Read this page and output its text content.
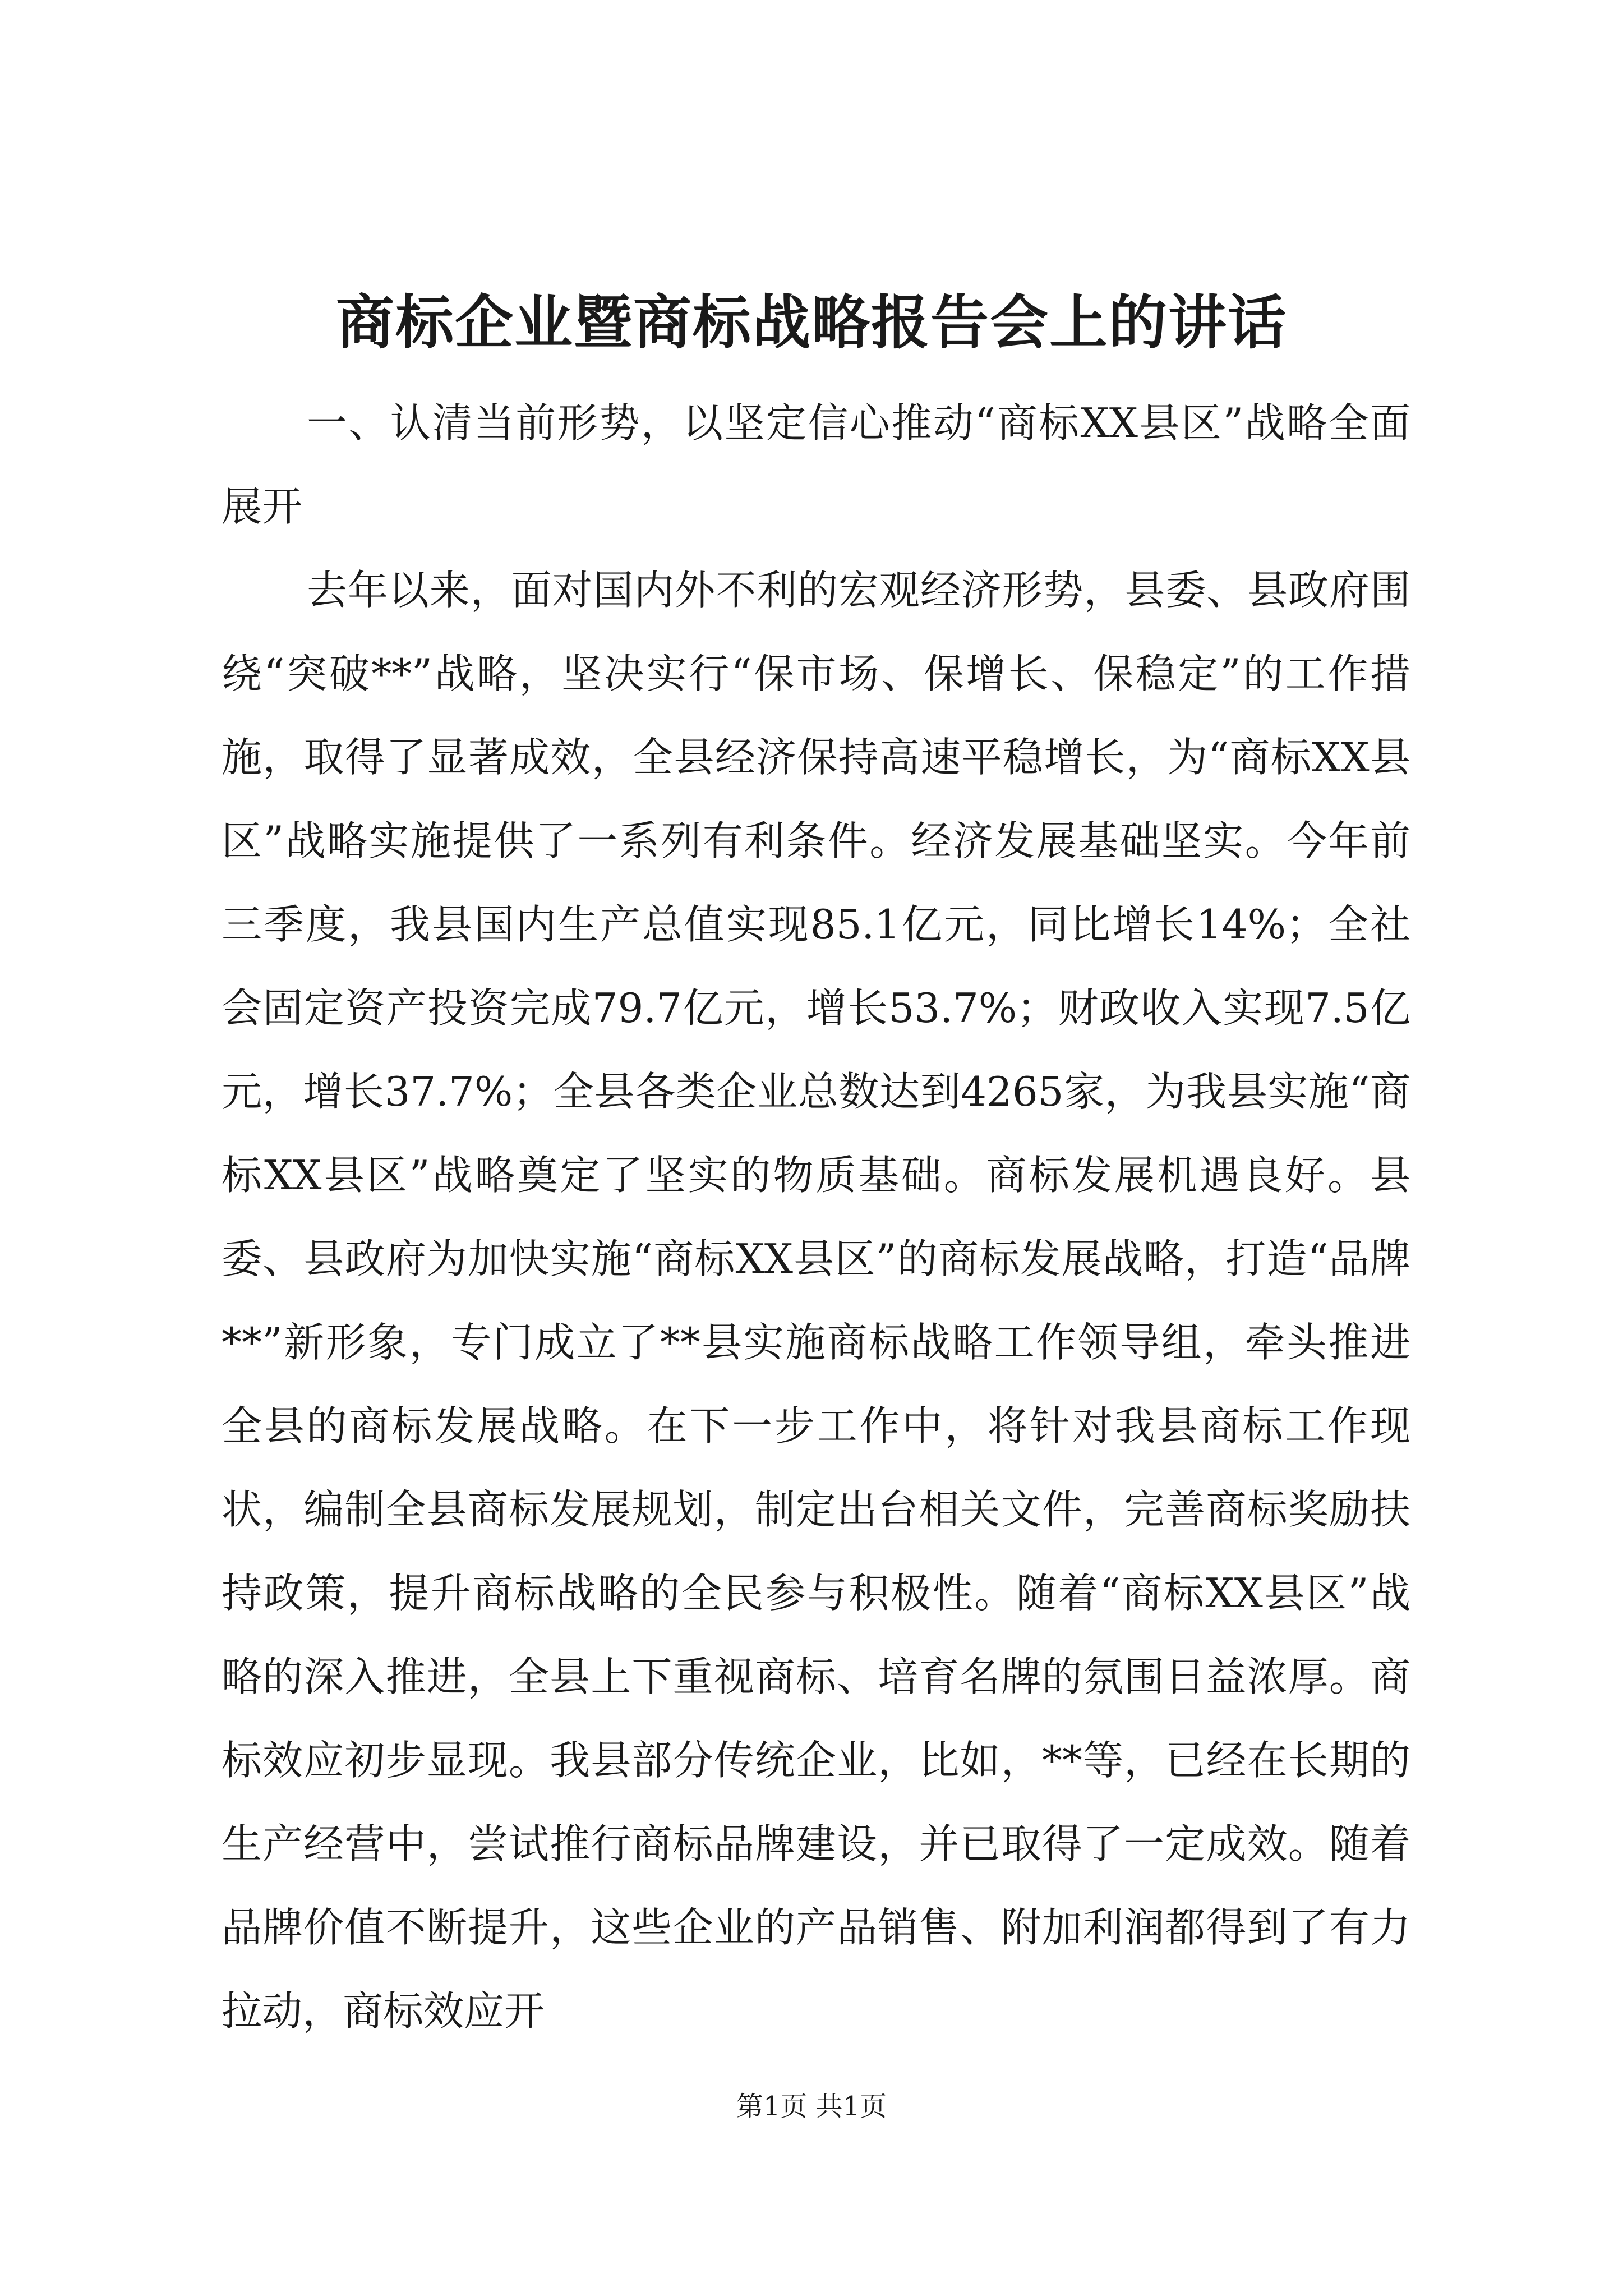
商标企业暨商标战略报告会上的讲话

一、认清当前形势，以坚定信心推动“商标XX县区”战略全面展开

去年以来，面对国内外不利的宏观经济形势，县委、县政府围绕“突破**”战略，坚决实行“保市场、保增长、保稳定”的工作措施，取得了显著成效，全县经济保持高速平稳增长，为“商标XX县区”战略实施提供了一系列有利条件。经济发展基础坚实。今年前三季度，我县国内生产总值实现85.1亿元，同比增长14%；全社会固定资产投资完成79.7亿元，增长53.7%；财政收入实现7.5亿元，增长37.7%；全县各类企业总数达到4265家，为我县实施“商标XX县区”战略奠定了坚实的物质基础。商标发展机遇良好。县委、县政府为加快实施“商标XX县区”的商标发展战略，打造“品牌**”新形象，专门成立了**县实施商标战略工作领导组，牵头推进全县的商标发展战略。在下一步工作中，将针对我县商标工作现状，编制全县商标发展规划，制定出台相关文件，完善商标奖励扶持政策，提升商标战略的全民参与积极性。随着“商标XX县区”战略的深入推进，全县上下重视商标、培育名牌的氛围日益浓厚。商标效应初步显现。我县部分传统企业，比如，**等，已经在长期的生产经营中，尝试推行商标品牌建设，并已取得了一定成效。随着品牌价值不断提升，这些企业的产品销售、附加利润都得到了有力拉动，商标效应开

第1页 共1页
